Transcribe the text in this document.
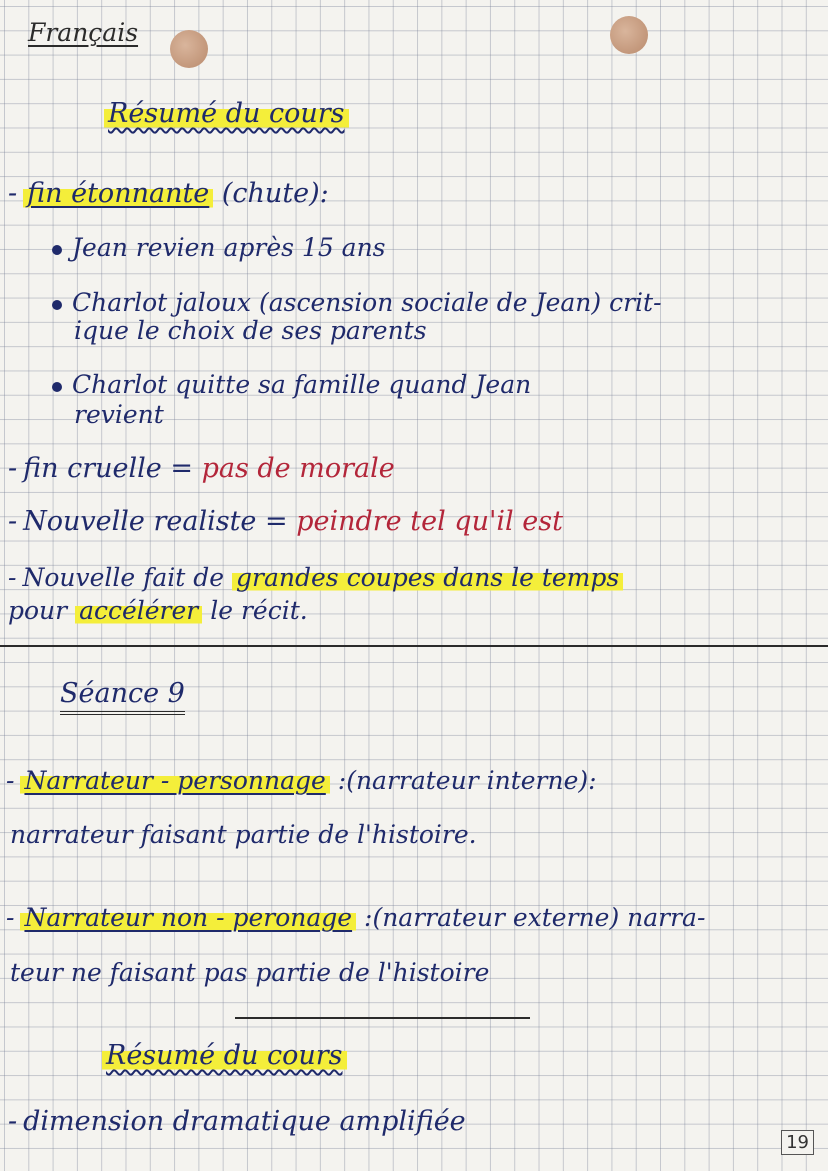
Français
Résumé du cours
- fin étonnante (chute):
Jean revien après 15 ans
Charlot jaloux (ascension sociale de Jean) crit-
ique le choix de ses parents
Charlot quitte sa famille quand Jean
revient
- fin cruelle = pas de morale
- Nouvelle realiste = peindre tel qu'il est
- Nouvelle fait de grandes coupes dans le temps
pour accélérer le récit.
Séance 9
- Narrateur - personnage :(narrateur interne):
narrateur faisant partie de l'histoire.
- Narrateur non - peronage :(narrateur externe) narra-
teur ne faisant pas partie de l'histoire
Résumé du cours
- dimension dramatique amplifiée
19
